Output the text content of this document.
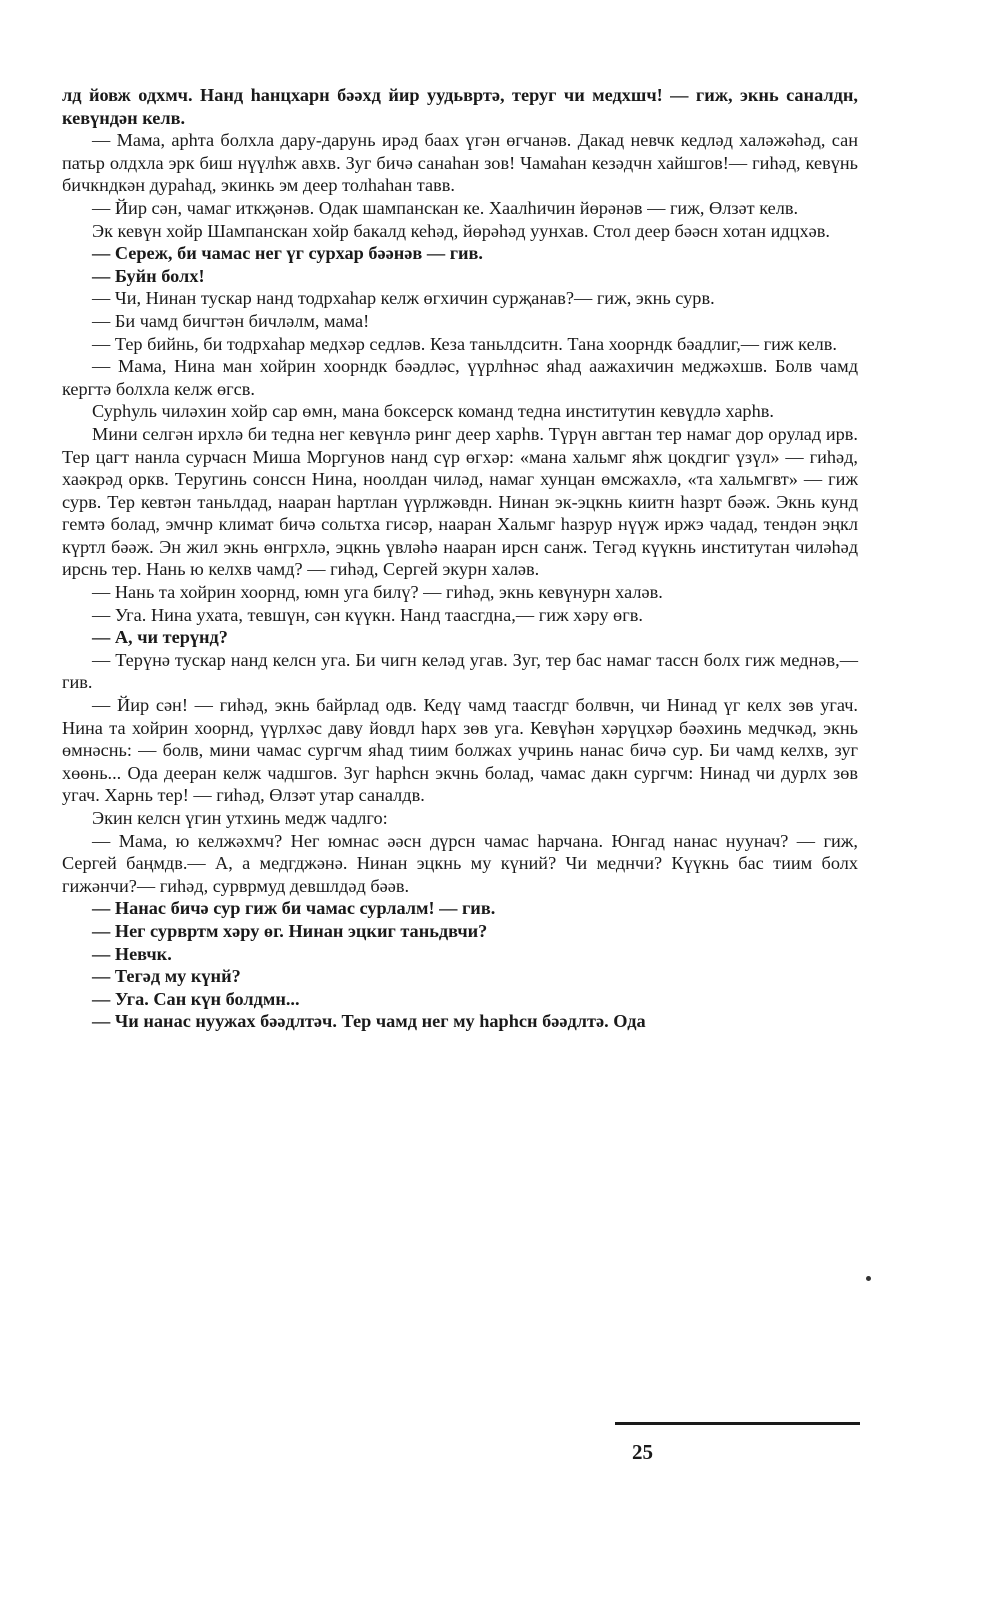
лд йовж одхмч. Нанд hанцхарн бәәхд йир уудьвртә, теруг чи медхшч! — гиж, экнь саналдн, кевүндән келв.

— Мама, арhта болхла дару-дарунь ирәд баах үгән өгчанәв. Дакад невчк кедләд халәжәhәд, сан патьр олдхла эрк биш нүүлhж авхв. Зуг бичә санаhан зов! Чамаhан кезәдчн хайшгов!— гиhәд, кевүнь бичкндкән дураhад, экинкь эм деер толhаhан тавв.

— Йир сән, чамаг иткҗәнәв. Одак шампанскан ке. Хаалhичин йөрәнәв — гиж, Өлзәт келв.

Эк кевүн хойр Шампанскан хойр бакалд кеhәд, йөрәhәд уунхав. Стол деер бәәсн хотан идцхәв.

— Сереж, би чамас нег үг сурхар бәәнәв — гив.

— Буйн болх!

— Чи, Нинан тускар нанд тодрхаhар келж өгхичин сурҗанав?— гиж, экнь сурв.

— Би чамд бичгтән бичләлм, мама!

— Тер бийнь, би тодрхаhар медхәр седләв. Кеза таньлдситн. Тана хоорндк бәадлиг,— гиж келв.

— Мама, Нина ман хойрин хоорндк бәәдләс, үүрлhнәс яhад аажахичин меджәхшв. Болв чамд кергтә болхла келж өгсв.

Сурhуль чиләхин хойр сар өмн, мана боксерск команд тедна институтин кевүдлә харhв.

Мини селгән ирхлә би тедна нег кевүнлә ринг деер харhв. Түрүн авгтан тер намаг дор орулад ирв. Тер цагт нанла сурчасн Миша Моргунов нанд сүр өгхәр: «мана хальмг яhж цокдгиг үзүл» — гиhәд, хаәкрәд оркв. Теругинь сонссн Нина, ноолдан чиләд, намаг хунцан өмсжахлә, «та хальмгвт» — гиж сурв. Тер кевтән таньлдад, нааран hартлан үүрлжәвдн. Нинан эк-эцкнь киитн hазрт бәәж. Экнь кунд гемтә болад, эмчнр климат бичә сольтха гисәр, нааран Хальмг hазрур нүүж иржэ чадад, тендән эңкл күртл бәәж. Эн жил экнь өнгрхлә, эцкнь үвләhә нааран ирсн санж. Тегәд күүкнь институтан чиләhәд ирснь тер. Нань ю келхв чамд? — гиhәд, Сергей экурн халәв.

— Нань та хойрин хоорнд, юмн уга билү? — гиhәд, экнь кевүнурн халәв.

— Уга. Нина ухата, тевшүн, сән күүкн. Нанд таасгдна,— гиж хәру өгв.

— А, чи терүнд?

— Терүнә тускар нанд келсн уга. Би чигн келәд угав. Зуг, тер бас намаг тассн болх гиж меднәв,— гив.

— Йир сән! — гиhәд, экнь байрлад одв. Кедү чамд таасгдг болвчн, чи Нинад үг келх зөв угач. Нина та хойрин хоорнд, үүрлхәс даву йовдл hарх зөв уга. Кевүhән хәрүцхәр бәәхинь медчкәд, экнь өмнәснь: — болв, мини чамас сургчм яhад тиим болжах учринь нанас бичә сур. Би чамд келхв, зуг хөөнь... Ода дееран келж чадшгов. Зуг hарhсн экчнь болад, чамас дакн сургчм: Нинад чи дурлх зөв угач. Харнь тер! — гиhәд, Өлзәт утар саналдв.

Экин келсн үгин утхинь медж чадлго:

— Мама, ю келжәхмч? Нег юмнас әәсн дүрсн чамас hарчана. Юнгад нанас нуунач? — гиж, Сергей баңмдв.— А, а медгджәнә. Нинан эцкнь му күний? Чи меднчи? Күүкнь бас тиим болх гижәнчи?— гиhәд, сурврмуд девшлдәд бәәв.

— Нанас бичә сур гиж би чамас сурлалм! — гив.

— Нег сурвртм хәру өг. Нинан эцкиг таньдвчи?

— Невчк.

— Тегәд му күнй?

— Уга. Сан күн болдмн...

— Чи нанас нуужах бәәдлтәч. Тер чамд нег му hарhсн бәәдлтә. Ода

25
